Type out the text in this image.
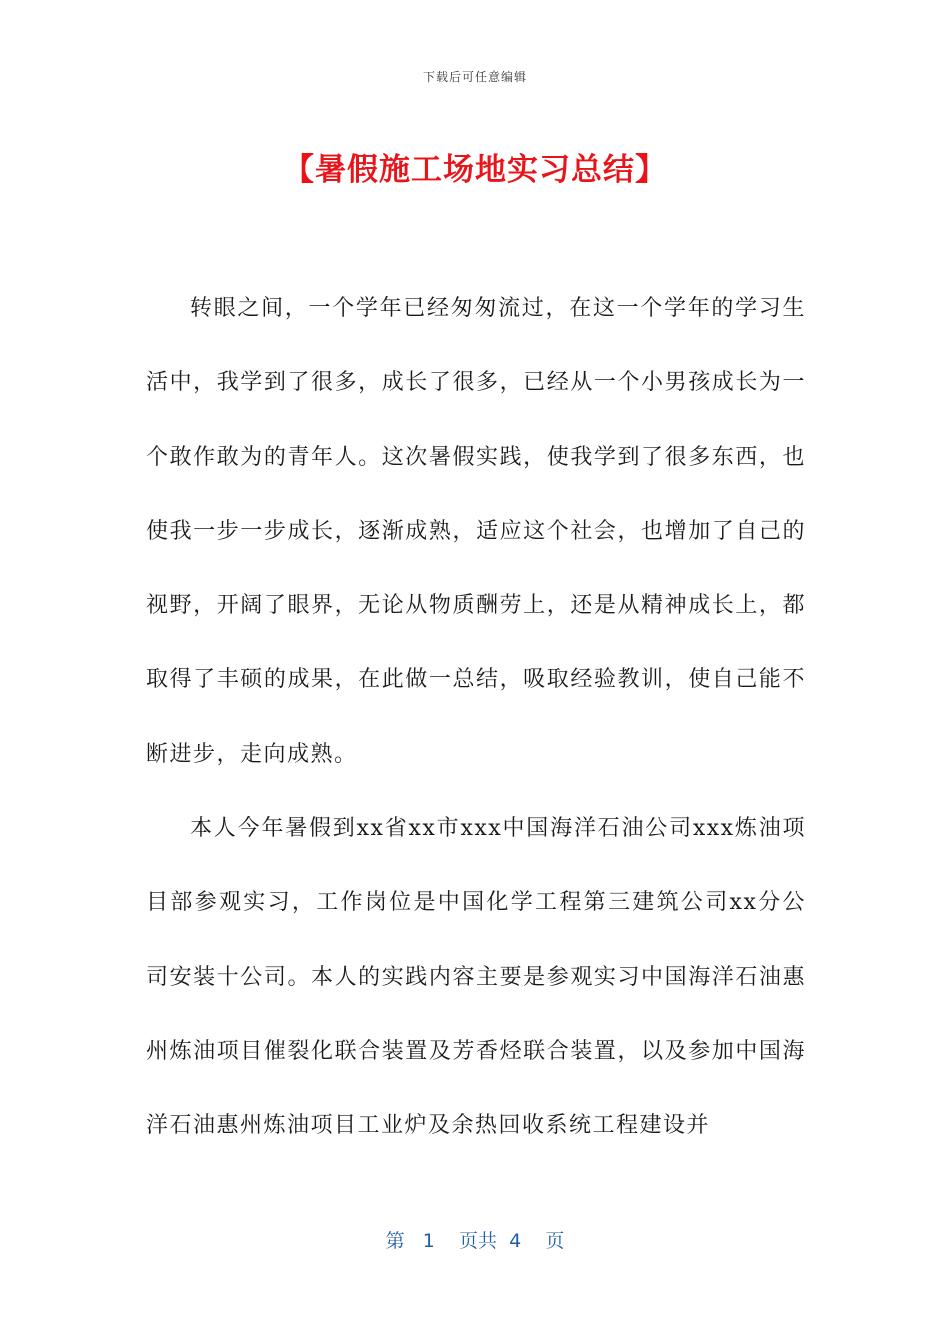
下载后可任意编辑
【暑假施工场地实习总结】

转眼之间，一个学年已经匆匆流过，在这一个学年的学习生活中，我学到了很多，成长了很多，已经从一个小男孩成长为一个敢作敢为的青年人。这次暑假实践，使我学到了很多东西，也使我一步一步成长，逐渐成熟，适应这个社会，也增加了自己的视野，开阔了眼界，无论从物质酬劳上，还是从精神成长上，都取得了丰硕的成果，在此做一总结，吸取经验教训，使自己能不断进步，走向成熟。

本人今年暑假到xx省xx市xxx中国海洋石油公司xxx炼油项目部参观实习，工作岗位是中国化学工程第三建筑公司xx分公司安装十公司。本人的实践内容主要是参观实习中国海洋石油惠州炼油项目催裂化联合装置及芳香烃联合装置，以及参加中国海洋石油惠州炼油项目工业炉及余热回收系统工程建设并

第 1 页共 4 页
